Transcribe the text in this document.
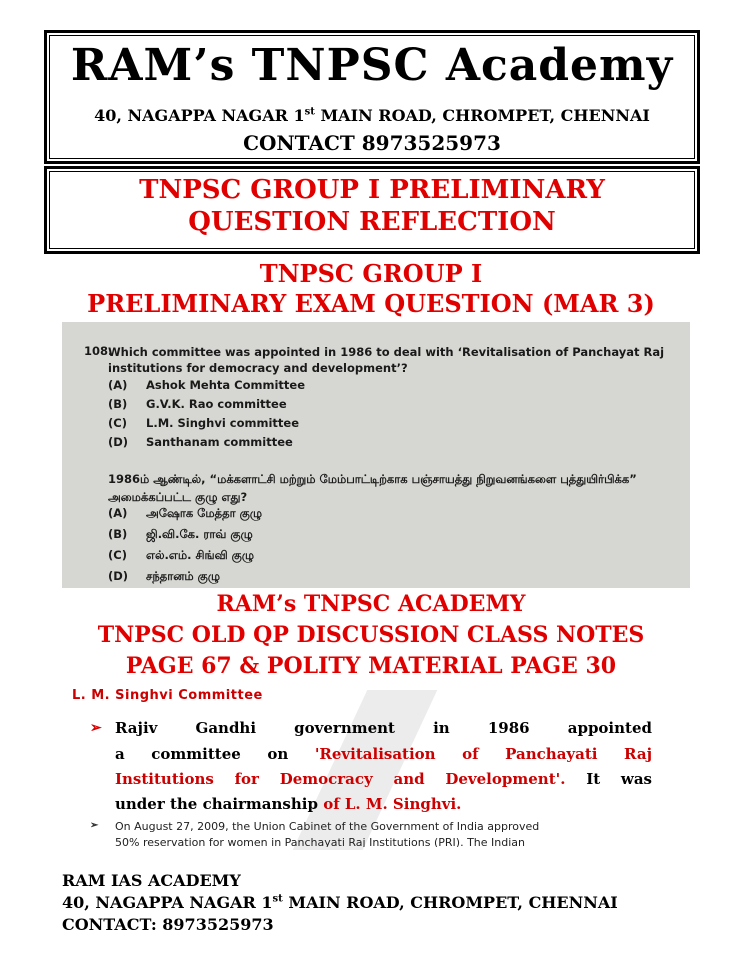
RAM’s TNPSC Academy
40, NAGAPPA NAGAR 1st MAIN ROAD, CHROMPET, CHENNAI
CONTACT 8973525973
TNPSC GROUP I PRELIMINARY
QUESTION REFLECTION
TNPSC GROUP I
PRELIMINARY EXAM QUESTION (MAR 3)
108.
Which committee was appointed in 1986 to deal with ‘Revitalisation of Panchayat Raj institutions for democracy and development’?
(A) Ashok Mehta Committee
(B) G.V.K. Rao committee
(C) L.M. Singhvi committee
(D) Santhanam committee
1986ம் ஆண்டில், “மக்களாட்சி மற்றும் மேம்பாட்டிற்காக பஞ்சாயத்து நிறுவனங்களை புத்துயிர்பிக்க” அமைக்கப்பட்ட குழு எது?
(A) அஷோக மேத்தா குழு
(B) ஜி.வி.கே. ராவ் குழு
(C) எல்.எம். சிங்வி குழு
(D) சந்தானம் குழு
RAM’s TNPSC ACADEMY
TNPSC OLD QP DISCUSSION CLASS NOTES
PAGE 67 & POLITY MATERIAL PAGE 30
L. M. Singhvi Committee
➢ Rajiv Gandhi government in 1986 appointed
a committee on 'Revitalisation of Panchayati Raj
Institutions for Democracy and Development'. It was
under the chairmanship of L. M. Singhvi.
➢ On August 27, 2009, the Union Cabinet of the Government of India approved
50% reservation for women in Panchayati Raj Institutions (PRI). The Indian
RAM IAS ACADEMY
40, NAGAPPA NAGAR 1st MAIN ROAD, CHROMPET, CHENNAI
CONTACT: 8973525973
